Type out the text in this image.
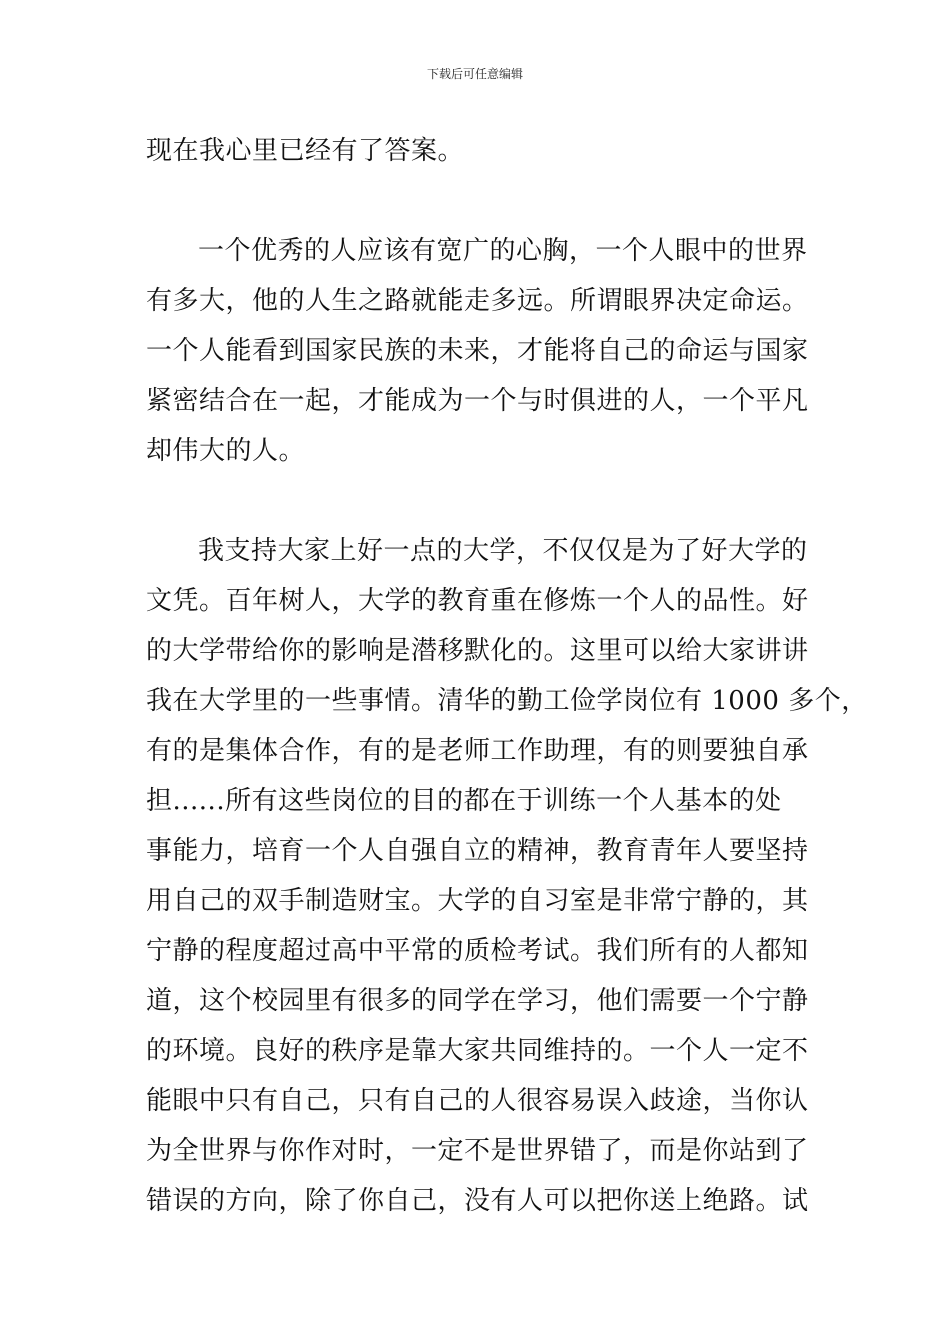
下载后可任意编辑
现在我心里已经有了答案。
一个优秀的人应该有宽广的心胸，一个人眼中的世界
有多大，他的人生之路就能走多远。所谓眼界决定命运。
一个人能看到国家民族的未来，才能将自己的命运与国家
紧密结合在一起，才能成为一个与时俱进的人，一个平凡
却伟大的人。
我支持大家上好一点的大学，不仅仅是为了好大学的
文凭。百年树人，大学的教育重在修炼一个人的品性。好
的大学带给你的影响是潜移默化的。这里可以给大家讲讲
我在大学里的一些事情。清华的勤工俭学岗位有 1000 多个，
有的是集体合作，有的是老师工作助理，有的则要独自承
担......所有这些岗位的目的都在于训练一个人基本的处
事能力，培育一个人自强自立的精神，教育青年人要坚持
用自己的双手制造财宝。大学的自习室是非常宁静的，其
宁静的程度超过高中平常的质检考试。我们所有的人都知
道，这个校园里有很多的同学在学习，他们需要一个宁静
的环境。良好的秩序是靠大家共同维持的。一个人一定不
能眼中只有自己，只有自己的人很容易误入歧途，当你认
为全世界与你作对时，一定不是世界错了，而是你站到了
错误的方向，除了你自己，没有人可以把你送上绝路。试
